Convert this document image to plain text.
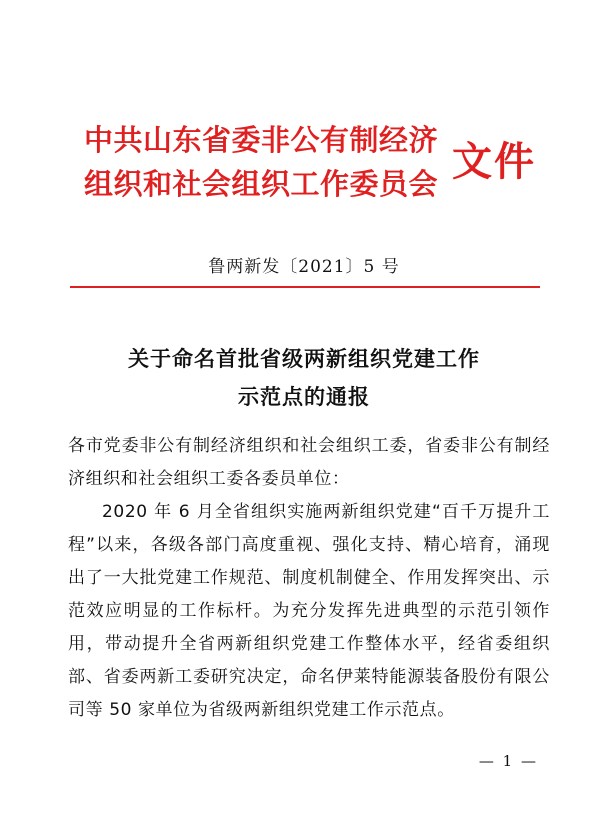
中共山东省委非公有制经济
组织和社会组织工作委员会 文件
鲁两新发〔2021〕5 号
关于命名首批省级两新组织党建工作
示范点的通报

各市党委非公有制经济组织和社会组织工委，省委非公有制经济组织和社会组织工委各委员单位：

2020 年 6 月全省组织实施两新组织党建“百千万提升工程”以来，各级各部门高度重视、强化支持、精心培育，涌现出了一大批党建工作规范、制度机制健全、作用发挥突出、示范效应明显的工作标杆。为充分发挥先进典型的示范引领作用，带动提升全省两新组织党建工作整体水平，经省委组织部、省委两新工委研究决定，命名伊莱特能源装备股份有限公司等 50 家单位为省级两新组织党建工作示范点。

— 1 —
